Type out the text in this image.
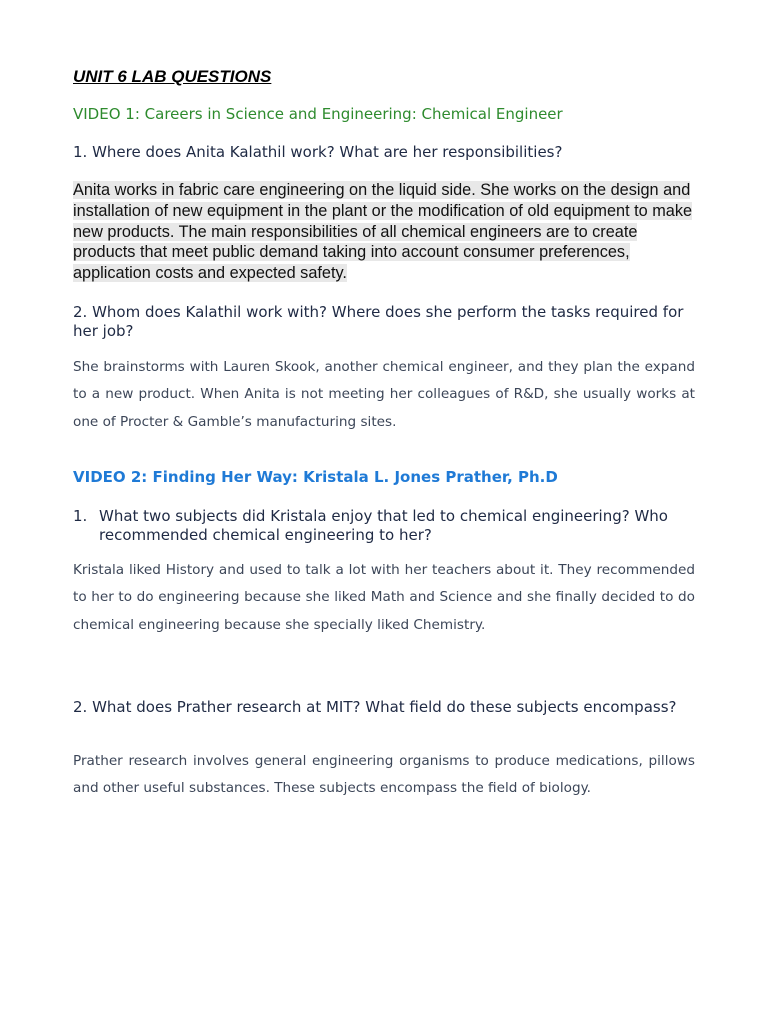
UNIT 6 LAB QUESTIONS
VIDEO 1: Careers in Science and Engineering: Chemical Engineer

1. Where does Anita Kalathil work? What are her responsibilities?

Anita works in fabric care engineering on the liquid side. She works on the design and installation of new equipment in the plant or the modification of old equipment to make new products. The main responsibilities of all chemical engineers are to create products that meet public demand taking into account consumer preferences, application costs and expected safety.

2. Whom does Kalathil work with? Where does she perform the tasks required for her job?

She brainstorms with Lauren Skook, another chemical engineer, and they plan the expand to a new product. When Anita is not meeting her colleagues of R&D, she usually works at one of Procter & Gamble’s manufacturing sites.

VIDEO 2: Finding Her Way: Kristala L. Jones Prather, Ph.D

1. What two subjects did Kristala enjoy that led to chemical engineering? Who recommended chemical engineering to her?

Kristala liked History and used to talk a lot with her teachers about it. They recommended to her to do engineering because she liked Math and Science and she finally decided to do chemical engineering because she specially liked Chemistry.

2. What does Prather research at MIT? What field do these subjects encompass?

Prather research involves general engineering organisms to produce medications, pillows and other useful substances. These subjects encompass the field of biology.
